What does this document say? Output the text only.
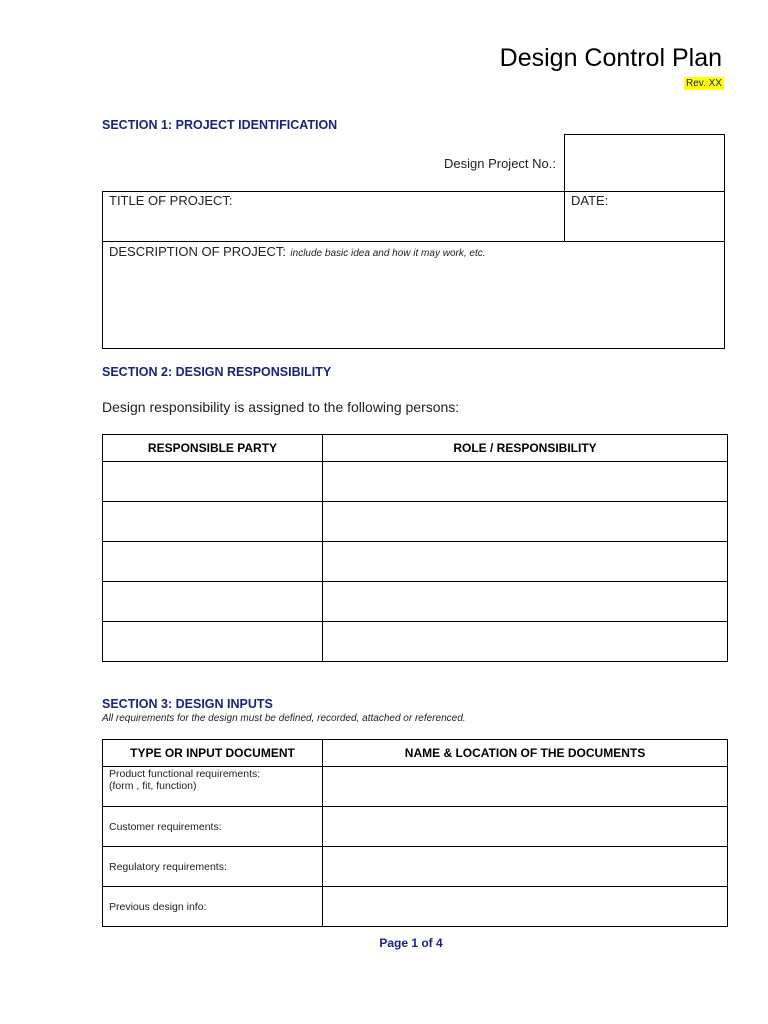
Design Control Plan
Rev. XX
SECTION 1: PROJECT IDENTIFICATION
Design Project No.:
TITLE OF PROJECT:	DATE:
DESCRIPTION OF PROJECT: include basic idea and how it may work, etc.
SECTION 2: DESIGN RESPONSIBILITY
Design responsibility is assigned to the following persons:
RESPONSIBLE PARTY	ROLE / RESPONSIBILITY

SECTION 3: DESIGN INPUTS
All requirements for the design must be defined, recorded, attached or referenced.
TYPE OR INPUT DOCUMENT	NAME & LOCATION OF THE DOCUMENTS

Product functional requirements:
(form , fit, function)	

Customer requirements:	

Regulatory requirements:	

Previous design info:	

Page 1 of 4
